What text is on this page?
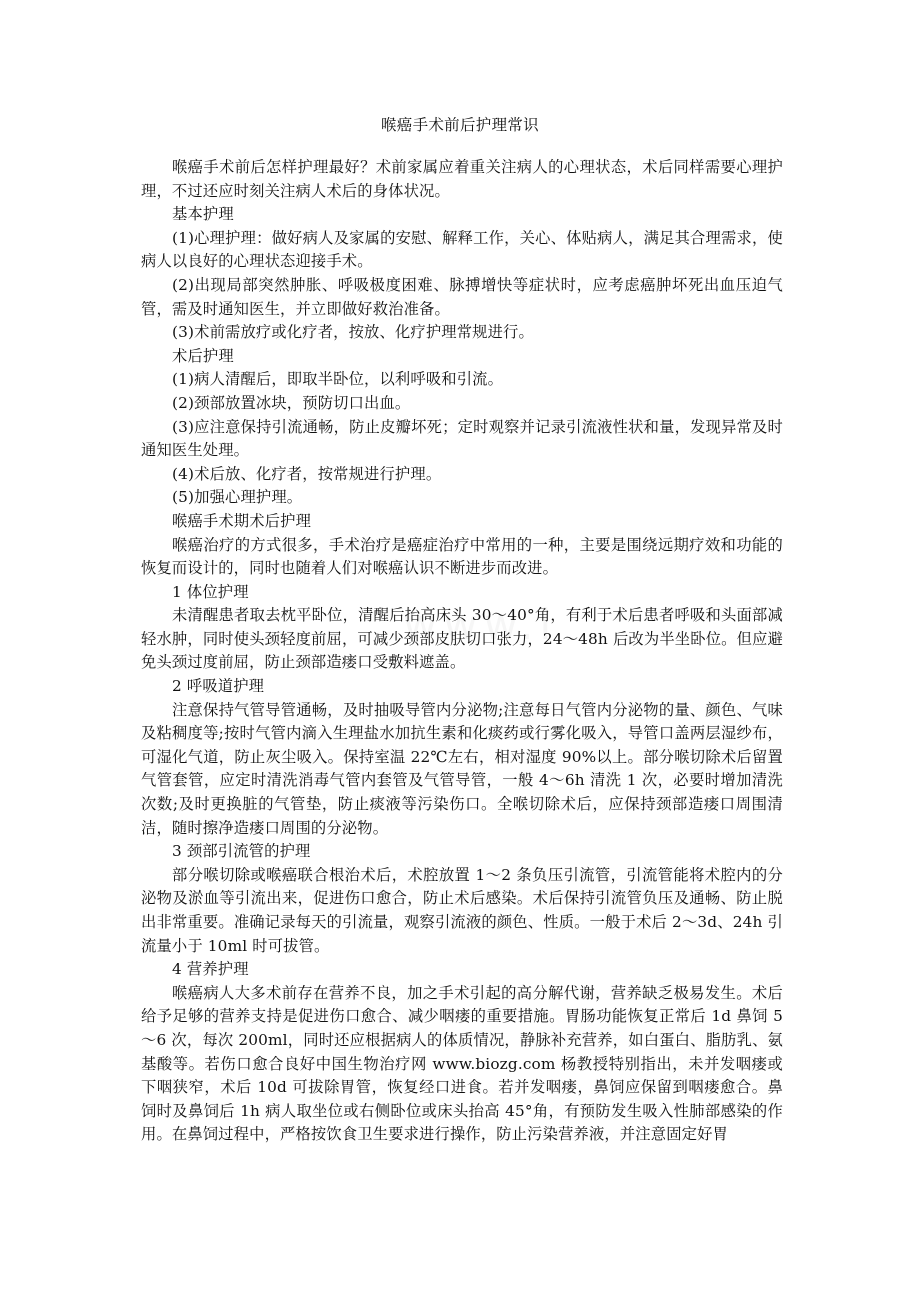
喉癌手术前后护理常识

喉癌手术前后怎样护理最好？术前家属应着重关注病人的心理状态，术后同样需要心理护理，不过还应时刻关注病人术后的身体状况。

基本护理

(1)心理护理：做好病人及家属的安慰、解释工作，关心、体贴病人，满足其合理需求，使病人以良好的心理状态迎接手术。

(2)出现局部突然肿胀、呼吸极度困难、脉搏增快等症状时，应考虑癌肿坏死出血压迫气管，需及时通知医生，并立即做好救治准备。

(3)术前需放疗或化疗者，按放、化疗护理常规进行。

术后护理

(1)病人清醒后，即取半卧位，以利呼吸和引流。

(2)颈部放置冰块，预防切口出血。

(3)应注意保持引流通畅，防止皮瓣坏死；定时观察并记录引流液性状和量，发现异常及时通知医生处理。

(4)术后放、化疗者，按常规进行护理。

(5)加强心理护理。

喉癌手术期术后护理

喉癌治疗的方式很多，手术治疗是癌症治疗中常用的一种，主要是围绕远期疗效和功能的恢复而设计的，同时也随着人们对喉癌认识不断进步而改进。

1 体位护理

未清醒患者取去枕平卧位，清醒后抬高床头 30～40°角，有利于术后患者呼吸和头面部减轻水肿，同时使头颈轻度前屈，可减少颈部皮肤切口张力，24～48h 后改为半坐卧位。但应避免头颈过度前屈，防止颈部造瘘口受敷料遮盖。

2 呼吸道护理

注意保持气管导管通畅，及时抽吸导管内分泌物;注意每日气管内分泌物的量、颜色、气味及粘稠度等;按时气管内滴入生理盐水加抗生素和化痰药或行雾化吸入，导管口盖两层湿纱布，可湿化气道，防止灰尘吸入。保持室温 22℃左右，相对湿度 90%以上。部分喉切除术后留置气管套管，应定时清洗消毒气管内套管及气管导管，一般 4～6h 清洗 1 次，必要时增加清洗次数;及时更换脏的气管垫，防止痰液等污染伤口。全喉切除术后，应保持颈部造瘘口周围清洁，随时擦净造瘘口周围的分泌物。

3 颈部引流管的护理

部分喉切除或喉癌联合根治术后，术腔放置 1～2 条负压引流管，引流管能将术腔内的分泌物及淤血等引流出来，促进伤口愈合，防止术后感染。术后保持引流管负压及通畅、防止脱出非常重要。准确记录每天的引流量，观察引流液的颜色、性质。一般于术后 2～3d、24h 引流量小于 10ml 时可拔管。

4 营养护理

喉癌病人大多术前存在营养不良，加之手术引起的高分解代谢，营养缺乏极易发生。术后给予足够的营养支持是促进伤口愈合、减少咽瘘的重要措施。胃肠功能恢复正常后 1d 鼻饲 5～6 次，每次 200ml，同时还应根据病人的体质情况，静脉补充营养，如白蛋白、脂肪乳、氨基酸等。若伤口愈合良好中国生物治疗网 www.biozg.com 杨教授特别指出，未并发咽瘘或下咽狭窄，术后 10d 可拔除胃管，恢复经口进食。若并发咽瘘，鼻饲应保留到咽瘘愈合。鼻饲时及鼻饲后 1h 病人取坐位或右侧卧位或床头抬高 45°角，有预防发生吸入性肺部感染的作用。在鼻饲过程中，严格按饮食卫生要求进行操作，防止污染营养液，并注意固定好胃
